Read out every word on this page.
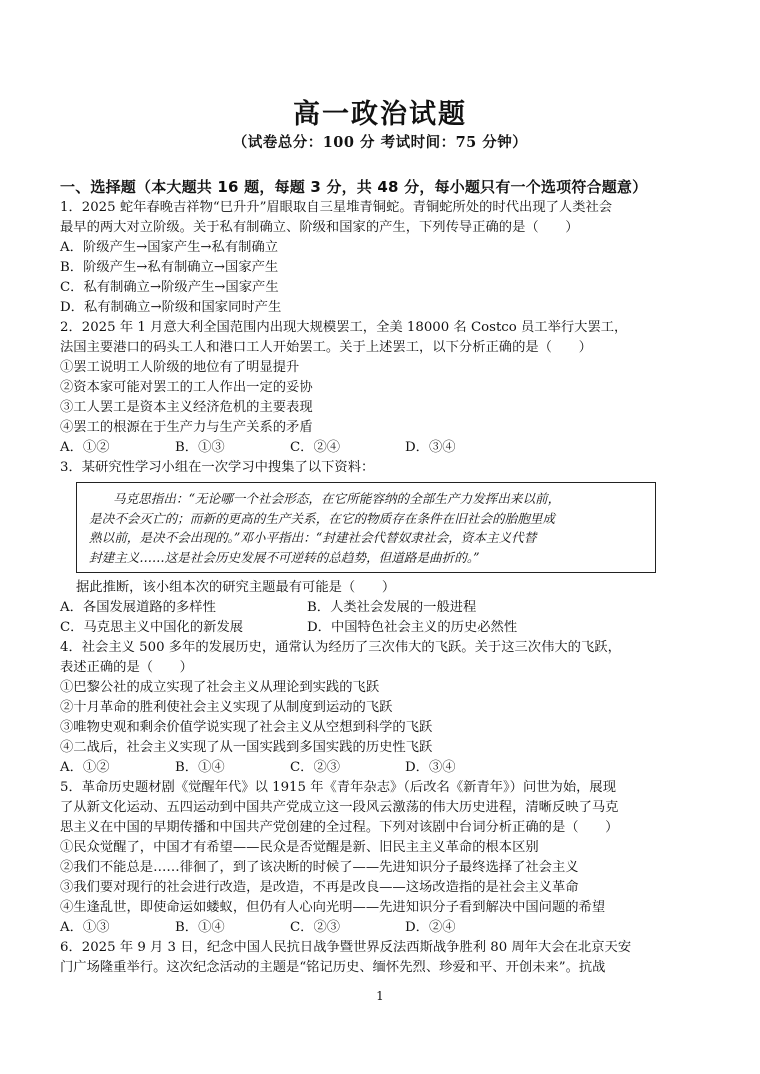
高一政治试题
（试卷总分：100 分 考试时间：75 分钟）
一、选择题（本大题共 16 题，每题 3 分，共 48 分，每小题只有一个选项符合题意）
1．2025 蛇年春晚吉祥物“巳升升”眉眼取自三星堆青铜蛇。青铜蛇所处的时代出现了人类社会
最早的两大对立阶级。关于私有制确立、阶级和国家的产生，下列传导正确的是（　　）
A．阶级产生→国家产生→私有制确立
B．阶级产生→私有制确立→国家产生
C．私有制确立→阶级产生→国家产生
D．私有制确立→阶级和国家同时产生
2．2025 年 1 月意大利全国范围内出现大规模罢工，全美 18000 名 Costco 员工举行大罢工，
法国主要港口的码头工人和港口工人开始罢工。关于上述罢工，以下分析正确的是（　　）
①罢工说明工人阶级的地位有了明显提升
②资本家可能对罢工的工人作出一定的妥协
③工人罢工是资本主义经济危机的主要表现
④罢工的根源在于生产力与生产关系的矛盾
A．①②	B．①③	C．②④	D．③④
3．某研究性学习小组在一次学习中搜集了以下资料：
马克思指出：“无论哪一个社会形态，在它所能容纳的全部生产力发挥出来以前，
是决不会灭亡的；而新的更高的生产关系，在它的物质存在条件在旧社会的胎胞里成
熟以前，是决不会出现的。”邓小平指出：“封建社会代替奴隶社会，资本主义代替
封建主义……这是社会历史发展不可逆转的总趋势，但道路是曲折的。”
据此推断，该小组本次的研究主题最有可能是（　　）
A．各国发展道路的多样性	B．人类社会发展的一般进程
C．马克思主义中国化的新发展	D．中国特色社会主义的历史必然性
4．社会主义 500 多年的发展历史，通常认为经历了三次伟大的飞跃。关于这三次伟大的飞跃，
表述正确的是（　　）
①巴黎公社的成立实现了社会主义从理论到实践的飞跃
②十月革命的胜利使社会主义实现了从制度到运动的飞跃
③唯物史观和剩余价值学说实现了社会主义从空想到科学的飞跃
④二战后，社会主义实现了从一国实践到多国实践的历史性飞跃
A．①②	B．①④	C．②③	D．③④
5．革命历史题材剧《觉醒年代》以 1915 年《青年杂志》（后改名《新青年》）问世为始，展现
了从新文化运动、五四运动到中国共产党成立这一段风云激荡的伟大历史进程，清晰反映了马克
思主义在中国的早期传播和中国共产党创建的全过程。下列对该剧中台词分析正确的是（　　）
①民众觉醒了，中国才有希望——民众是否觉醒是新、旧民主主义革命的根本区别
②我们不能总是……徘徊了，到了该决断的时候了——先进知识分子最终选择了社会主义
③我们要对现行的社会进行改造，是改造，不再是改良——这场改造指的是社会主义革命
④生逢乱世，即使命运如蝼蚁，但仍有人心向光明——先进知识分子看到解决中国问题的希望
A．①③	B．①④	C．②③	D．②④
6．2025 年 9 月 3 日，纪念中国人民抗日战争暨世界反法西斯战争胜利 80 周年大会在北京天安
门广场隆重举行。这次纪念活动的主题是“铭记历史、缅怀先烈、珍爱和平、开创未来”。抗战
1
